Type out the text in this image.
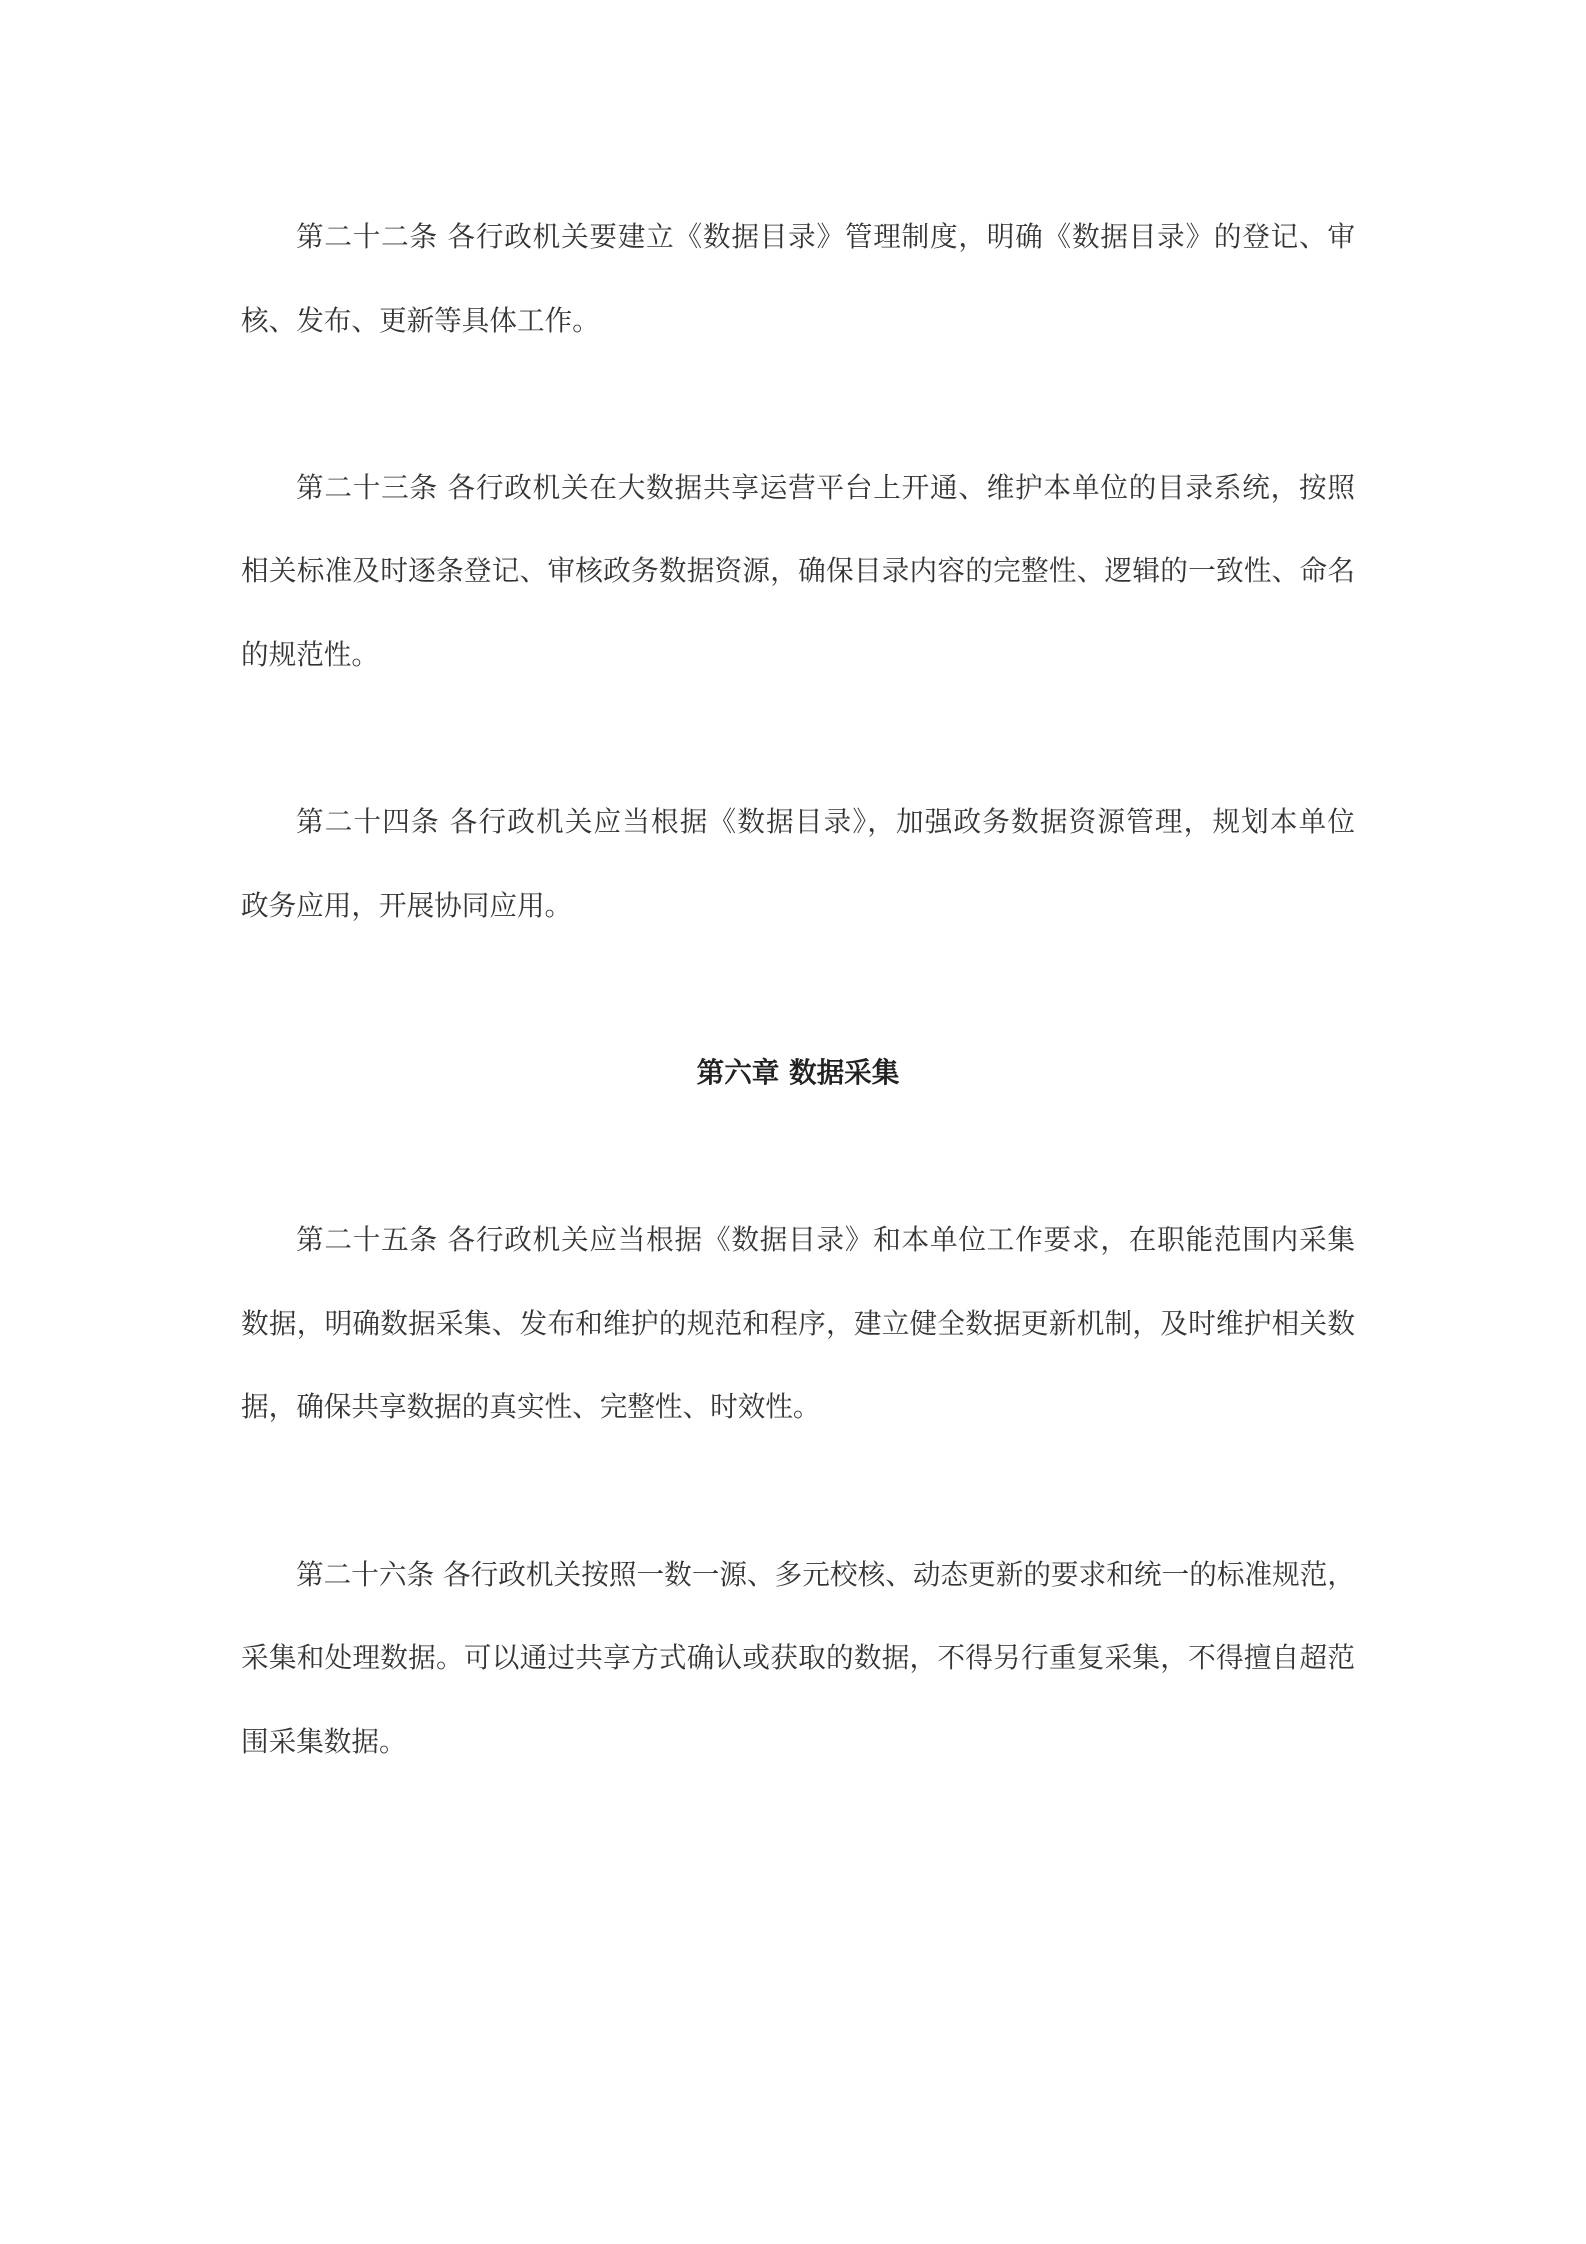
第二十二条 各行政机关要建立《数据目录》管理制度，明确《数据目录》的登记、审
核、发布、更新等具体工作。
第二十三条 各行政机关在大数据共享运营平台上开通、维护本单位的目录系统，按照
相关标准及时逐条登记、审核政务数据资源，确保目录内容的完整性、逻辑的一致性、命名
的规范性。
第二十四条 各行政机关应当根据《数据目录》，加强政务数据资源管理，规划本单位
政务应用，开展协同应用。
第六章 数据采集
第二十五条 各行政机关应当根据《数据目录》和本单位工作要求，在职能范围内采集
数据，明确数据采集、发布和维护的规范和程序，建立健全数据更新机制，及时维护相关数
据，确保共享数据的真实性、完整性、时效性。
第二十六条 各行政机关按照一数一源、多元校核、动态更新的要求和统一的标准规范，
采集和处理数据。可以通过共享方式确认或获取的数据，不得另行重复采集，不得擅自超范
围采集数据。
